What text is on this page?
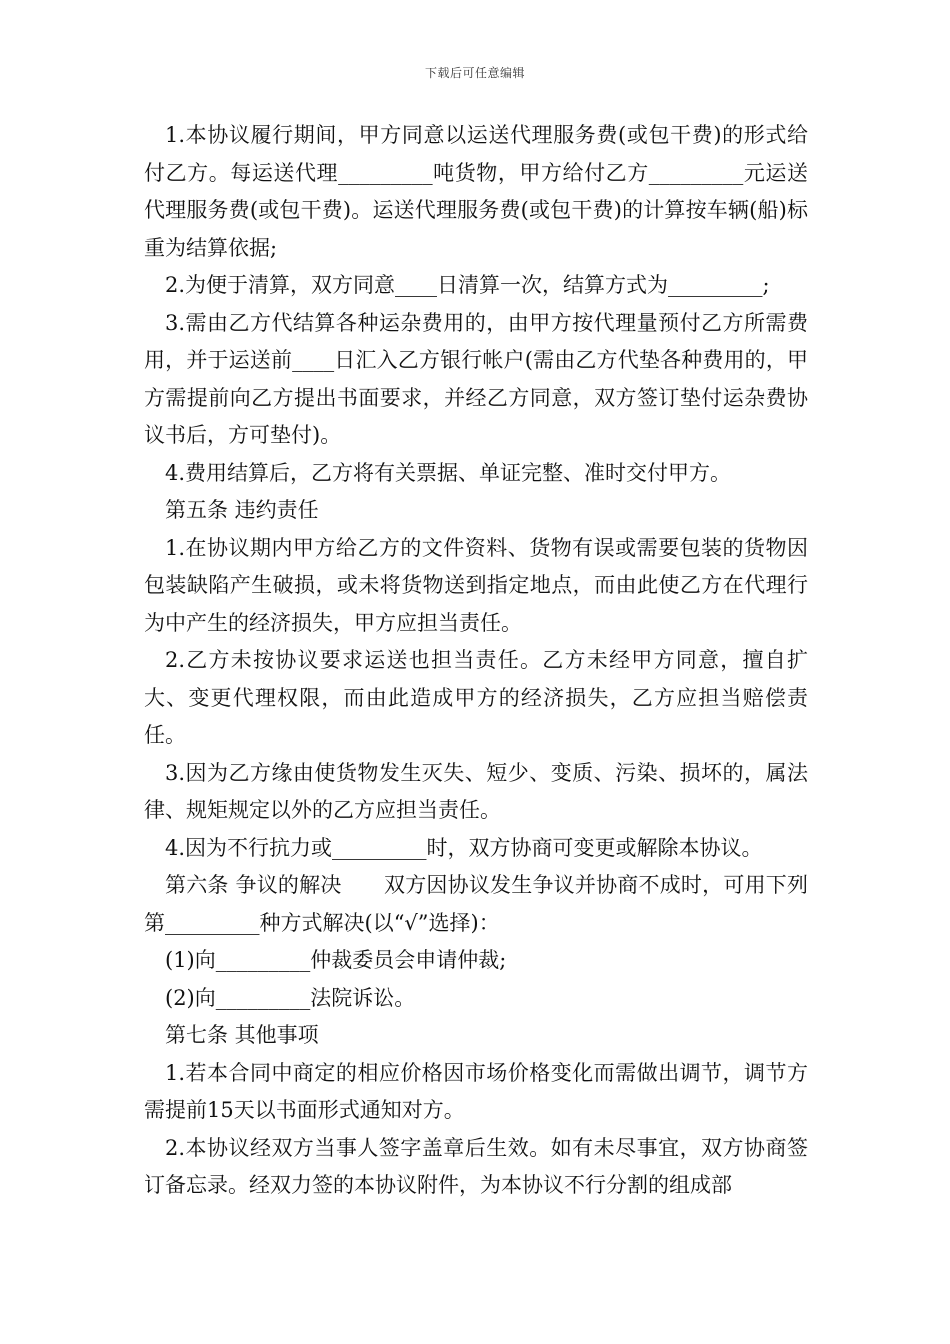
下载后可任意编辑

1.本协议履行期间，甲方同意以运送代理服务费(或包干费)的形式给付乙方。每运送代理_________吨货物，甲方给付乙方_________元运送代理服务费(或包干费)。运送代理服务费(或包干费)的计算按车辆(船)标重为结算依据;

2.为便于清算，双方同意____日清算一次，结算方式为_________;

3.需由乙方代结算各种运杂费用的，由甲方按代理量预付乙方所需费用，并于运送前____日汇入乙方银行帐户(需由乙方代垫各种费用的，甲方需提前向乙方提出书面要求，并经乙方同意，双方签订垫付运杂费协议书后，方可垫付)。

4.费用结算后，乙方将有关票据、单证完整、准时交付甲方。

第五条 违约责任

1.在协议期内甲方给乙方的文件资料、货物有误或需要包装的货物因包装缺陷产生破损，或未将货物送到指定地点，而由此使乙方在代理行为中产生的经济损失，甲方应担当责任。

2.乙方未按协议要求运送也担当责任。乙方未经甲方同意，擅自扩大、变更代理权限，而由此造成甲方的经济损失，乙方应担当赔偿责任。

3.因为乙方缘由使货物发生灭失、短少、变质、污染、损坏的，属法律、规矩规定以外的乙方应担当责任。

4.因为不行抗力或_________时，双方协商可变更或解除本协议。

第六条 争议的解决　　双方因协议发生争议并协商不成时，可用下列第_________种方式解决(以“√”选择)：

(1)向_________仲裁委员会申请仲裁;

(2)向_________法院诉讼。

第七条 其他事项

1.若本合同中商定的相应价格因市场价格变化而需做出调节，调节方需提前15天以书面形式通知对方。

2.本协议经双方当事人签字盖章后生效。如有未尽事宜，双方协商签订备忘录。经双力签的本协议附件，为本协议不行分割的组成部
